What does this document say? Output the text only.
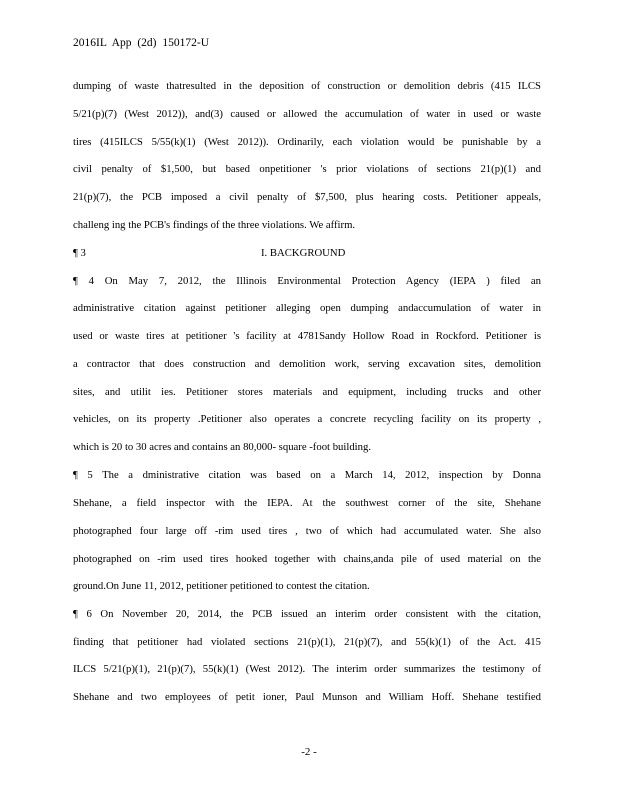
2016IL App (2d) 150172-U
dumping of waste thatresulted in the deposition of construction or demolition debris (415 ILCS
5/21(p)(7) (West 2012)), and(3) caused or allowed the accumulation of water in used or waste
tires (415ILCS 5/55(k)(1) (West 2012)). Ordinarily, each violation would be punishable by a
civil penalty of $1,500, but based onpetitioner 's prior violations of sections 21(p)(1) and
21(p)(7), the PCB imposed a civil penalty of $7,500, plus hearing costs. Petitioner appeals,
challeng ing the PCB's findings of the three violations. We affirm.
¶ 3	I. BACKGROUND
¶ 4 On May 7, 2012, the Illinois Environmental Protection Agency (IEPA ) filed an
administrative citation against petitioner alleging open dumping andaccumulation of water in
used or waste tires at petitioner 's facility at 4781Sandy Hollow Road in Rockford. Petitioner is
a contractor that does construction and demolition work, serving excavation sites, demolition
sites, and utilit ies. Petitioner stores materials and equipment, including trucks and other
vehicles, on its property .Petitioner also operates a concrete recycling facility on its property ,
which is 20 to 30 acres and contains an 80,000- square -foot building.
¶ 5 The a dministrative citation was based on a March 14, 2012, inspection by Donna
Shehane, a field inspector with the IEPA. At the southwest corner of the site, Shehane
photographed four large off -rim used tires , two of which had accumulated water. She also
photographed on -rim used tires hooked together with chains,anda pile of used material on the
ground.On June 11, 2012, petitioner petitioned to contest the citation.
¶ 6 On November 20, 2014, the PCB issued an interim order consistent with the citation,
finding that petitioner had violated sections 21(p)(1), 21(p)(7), and 55(k)(1) of the Act. 415
ILCS 5/21(p)(1), 21(p)(7), 55(k)(1) (West 2012). The interim order summarizes the testimony of
Shehane and two employees of petit ioner, Paul Munson and William Hoff. Shehane testified
-2 -
